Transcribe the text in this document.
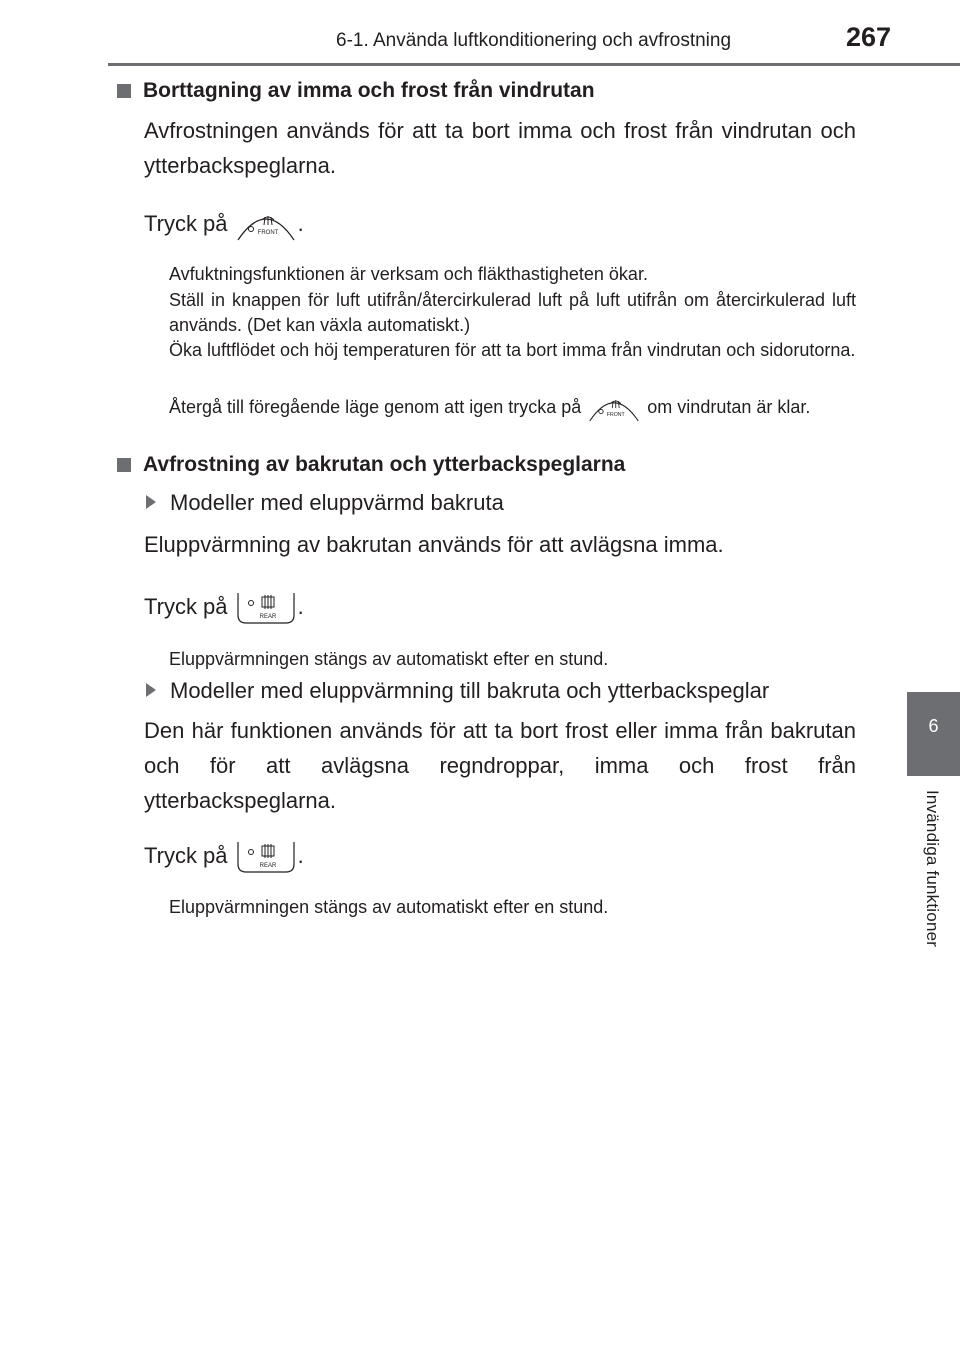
6-1. Använda luftkonditionering och avfrostning	267
6
Invändiga funktioner
Borttagning av imma och frost från vindrutan
Avfrostningen används för att ta bort imma och frost från vindrutan och ytterbackspeglarna.
Tryck på	FRONT .
Avfuktningsfunktionen är verksam och fläkthastigheten ökar.
Ställ in knappen för luft utifrån/återcirkulerad luft på luft utifrån om återcirkulerad luft används. (Det kan växla automatiskt.)
Öka luftflödet och höj temperaturen för att ta bort imma från vindrutan och sidorutorna.
Återgå till föregående läge genom att igen trycka på	FRONT om vindrutan är klar.
Avfrostning av bakrutan och ytterbackspeglarna
Modeller med eluppvärmd bakruta
Eluppvärmning av bakrutan används för att avlägsna imma.
Tryck på	REAR .
Eluppvärmningen stängs av automatiskt efter en stund.
Modeller med eluppvärmning till bakruta och ytterbackspeglar
Den här funktionen används för att ta bort frost eller imma från bakrutan och för att avlägsna regndroppar, imma och frost från ytterbackspeglarna.
Tryck på	REAR .
Eluppvärmningen stängs av automatiskt efter en stund.
